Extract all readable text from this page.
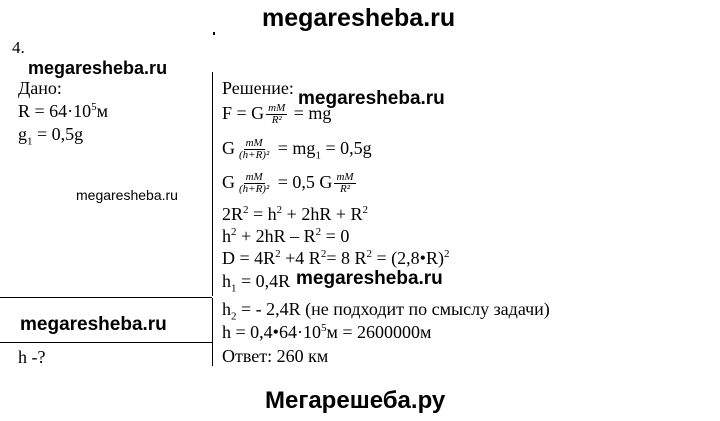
megaresheba.ru
megaresheba.ru
megaresheba.ru
megaresheba.ru
megaresheba.ru
megaresheba.ru
Мегарешеба.ру
4.
Дано:
$R = 64\cdot 10^5м$
$g_1 = 0,5g$
h -?
Решение:
F = G $\frac{mM}{\text{R²}}$ = mg
G $\frac{mM}{\text{(h+R)²}} = mg_1 = 0,5g$
G $\frac{mM}{\text{(h+R)²}} = 0,5$ G $\frac{mM}{\text{R²}}$
$2R^2 = h^2 + 2hR + R^2$
$h^2 + 2hR - R^2 = 0$
$D = 4R^2 +4$ $R^2= 8$ $R^2$ = (2,8•R)$^2$
$h_1 = 0,4R$
$h_2$ = - 2,4R (не подходит по смыслу задачи)
$h = 0,4•64\cdot 10^5м = 2600000м$
Ответ: 260 км
